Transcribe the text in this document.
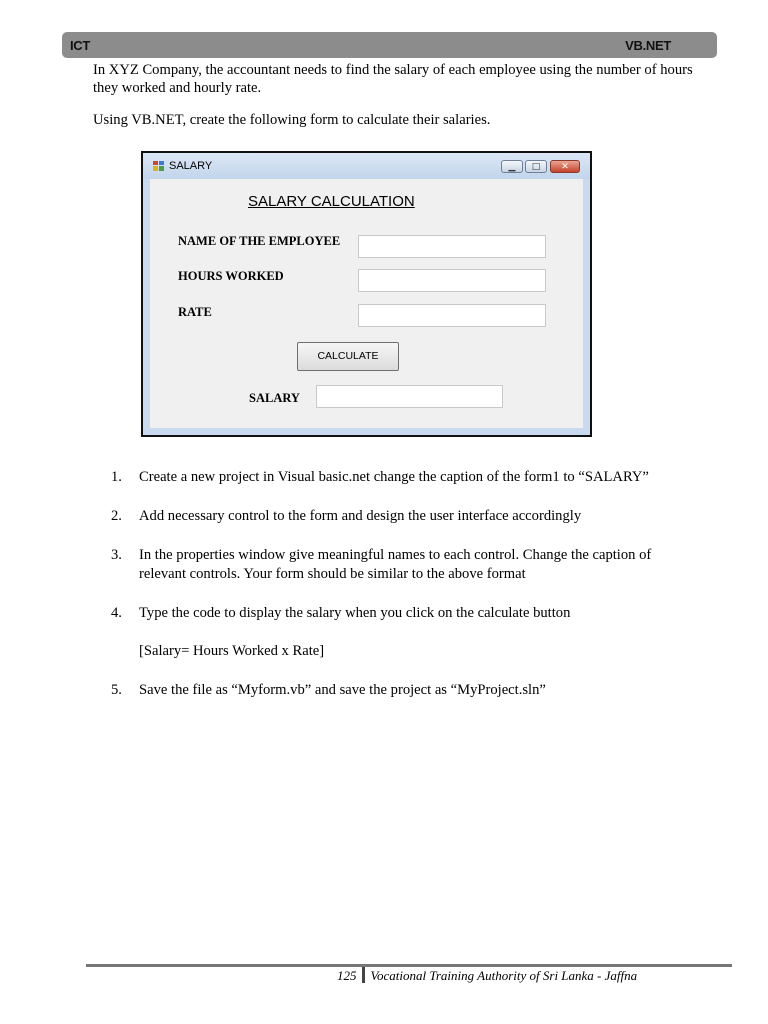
ICT	VB.NET

In XYZ Company, the accountant needs to find the salary of each employee using the number of hours they worked and hourly rate.

Using VB.NET, create the following form to calculate their salaries.

SALARY	▁	□	✕
SALARY CALCULATION
NAME OF THE EMPLOYEE
HOURS WORKED
RATE
CALCULATE
SALARY
1. Create a new project in Visual basic.net change the caption of the form1 to “SALARY”
2. Add necessary control to the form and design the user interface accordingly
3. In the properties window give meaningful names to each control. Change the caption of relevant controls. Your form should be similar to the above format
4. Type the code to display the salary when you click on the calculate button
5. Save the file as “Myform.vb” and save the project as “MyProject.sln”
[Salary= Hours Worked x Rate]
125 Vocational Training Authority of Sri Lanka - Jaffna
